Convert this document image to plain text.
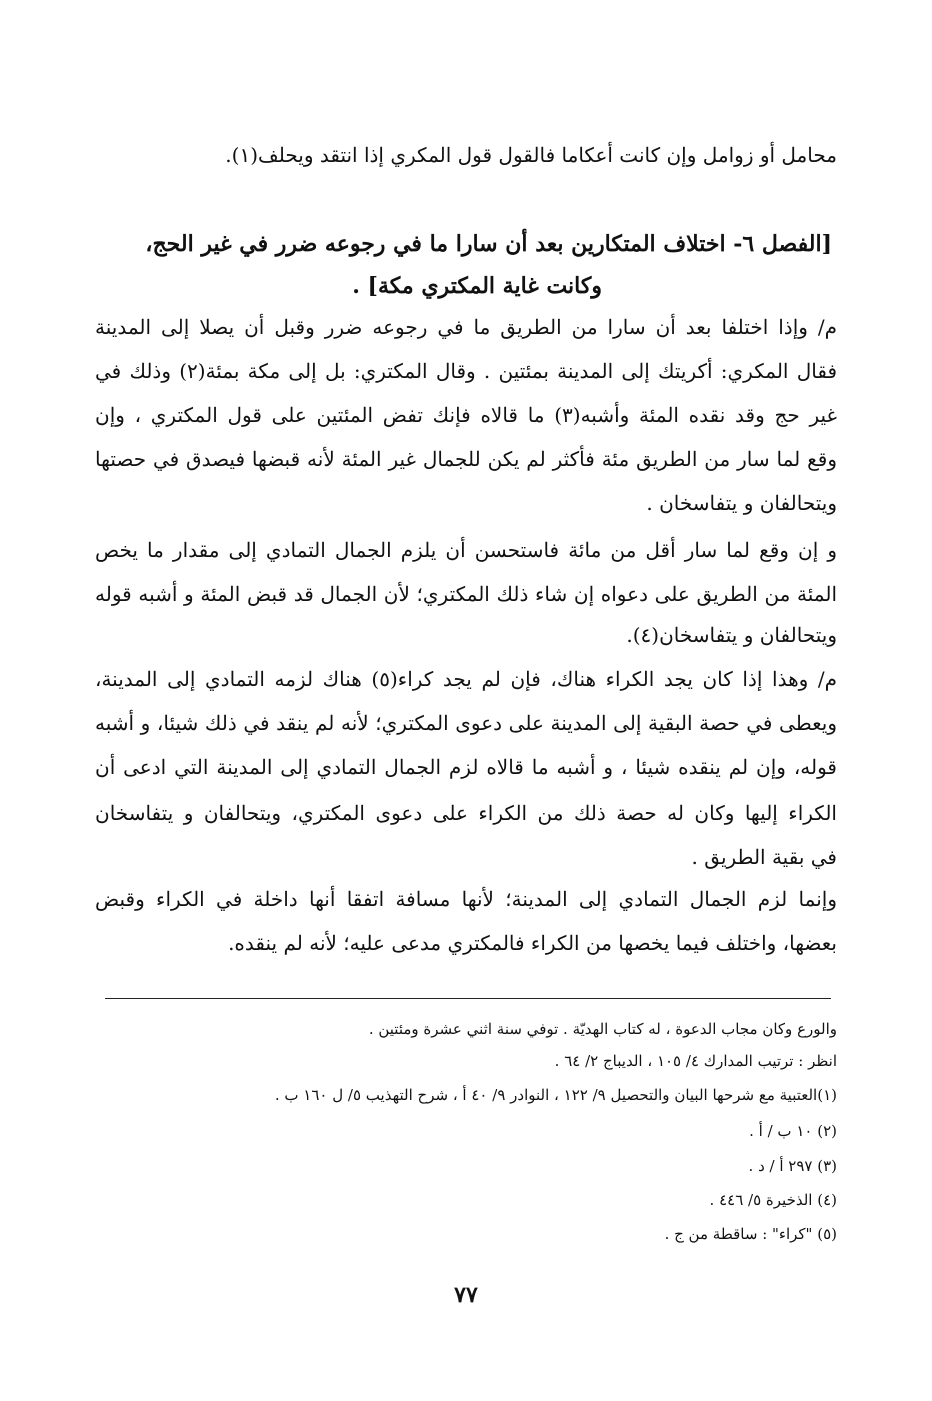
محامل أو زوامل وإن كانت أعكاما فالقول قول المكري إذا انتقد ويحلف(١).
[الفصل ٦- اختلاف المتكارين بعد أن سارا ما في رجوعه ضرر في غير الحج،
وكانت غاية المكتري مكة] .
م/ وإذا اختلفا بعد أن سارا من الطريق ما في رجوعه ضرر وقبل أن يصلا إلى المدينة
فقال المكري: أكريتك إلى المدينة بمئتين . وقال المكتري: بل إلى مكة بمئة(٢) وذلك في
غير حج وقد نقده المئة وأشبه(٣) ما قالاه فإنك تفض المئتين على قول المكتري ، وإن
وقع لما سار من الطريق مئة فأكثر لم يكن للجمال غير المئة لأنه قبضها فيصدق في حصتها
ويتحالفان و يتفاسخان .
و إن وقع لما سار أقل من مائة فاستحسن أن يلزم الجمال التمادي إلى مقدار ما يخص
المئة من الطريق على دعواه إن شاء ذلك المكتري؛ لأن الجمال قد قبض المئة و أشبه قوله
ويتحالفان و يتفاسخان(٤).
م/ وهذا إذا كان يجد الكراء هناك، فإن لم يجد كراء(٥) هناك لزمه التمادي إلى المدينة،
ويعطى في حصة البقية إلى المدينة على دعوى المكتري؛ لأنه لم ينقد في ذلك شيئا، و أشبه
قوله، وإن لم ينقده شيئا ، و أشبه ما قالاه لزم الجمال التمادي إلى المدينة التي ادعى أن
الكراء إليها وكان له حصة ذلك من الكراء على دعوى المكتري، ويتحالفان و يتفاسخان
في بقية الطريق .
وإنما لزم الجمال التمادي إلى المدينة؛ لأنها مسافة اتفقا أنها داخلة في الكراء وقبض
بعضها، واختلف فيما يخصها من الكراء فالمكتري مدعى عليه؛ لأنه لم ينقده.
والورع وكان مجاب الدعوة ، له كتاب الهديّة . توفي سنة اثني عشرة ومئتين .
انظر : ترتيب المدارك ٤/ ١٠٥ ، الديباج ٢/ ٦٤ .
(١)العتبية مع شرحها البيان والتحصيل ٩/ ١٢٢ ، النوادر ٩/ ٤٠ أ ، شرح التهذيب ٥/ ل ١٦٠ ب .
(٢) ١٠ ب / أ .
(٣) ٢٩٧ أ / د .
(٤) الذخيرة ٥/ ٤٤٦ .
(٥) "كراء" : ساقطة من ج .
٧٧
